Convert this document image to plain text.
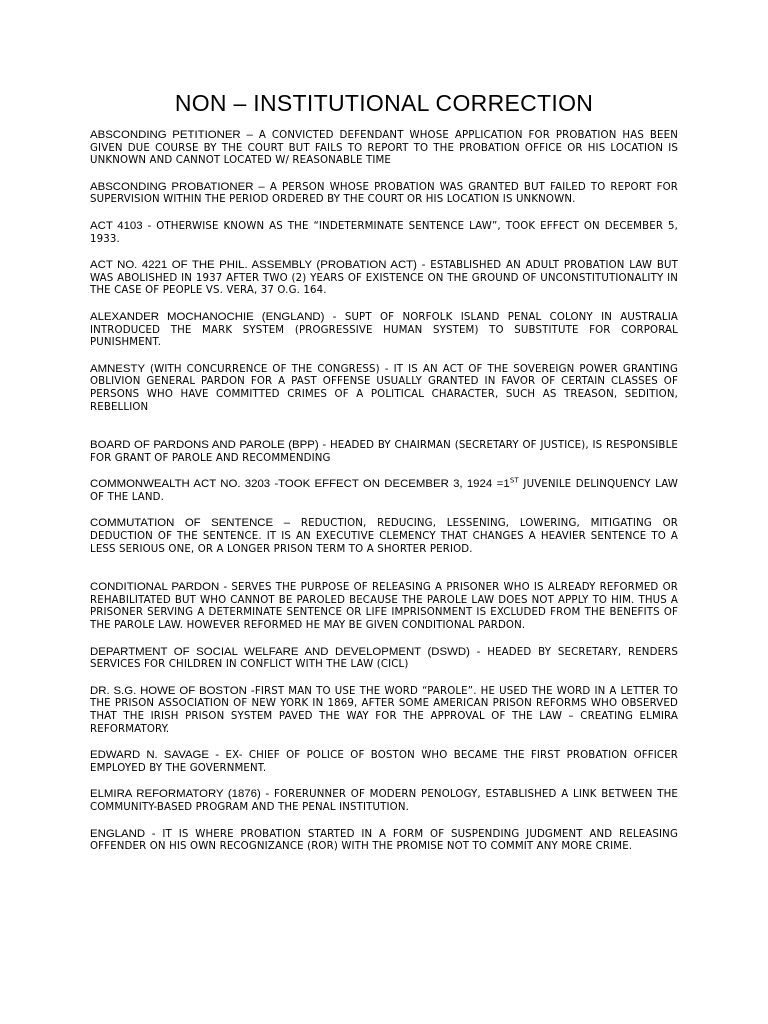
NON – INSTITUTIONAL CORRECTION

ABSCONDING PETITIONER – A CONVICTED DEFENDANT WHOSE APPLICATION FOR PROBATION HAS BEEN GIVEN DUE COURSE BY THE COURT BUT FAILS TO REPORT TO THE PROBATION OFFICE OR HIS LOCATION IS UNKNOWN AND CANNOT LOCATED W/ REASONABLE TIME

ABSCONDING PROBATIONER – A PERSON WHOSE PROBATION WAS GRANTED BUT FAILED TO REPORT FOR SUPERVISION WITHIN THE PERIOD ORDERED BY THE COURT OR HIS LOCATION IS UNKNOWN.

ACT 4103 - OTHERWISE KNOWN AS THE “INDETERMINATE SENTENCE LAW”, TOOK EFFECT ON DECEMBER 5, 1933.

ACT NO. 4221 OF THE PHIL. ASSEMBLY (PROBATION ACT) - ESTABLISHED AN ADULT PROBATION LAW BUT WAS ABOLISHED IN 1937 AFTER TWO (2) YEARS OF EXISTENCE ON THE GROUND OF UNCONSTITUTIONALITY IN THE CASE OF PEOPLE VS. VERA, 37 O.G. 164.

ALEXANDER MOCHANOCHIE (ENGLAND) - SUPT OF NORFOLK ISLAND PENAL COLONY IN AUSTRALIA INTRODUCED THE MARK SYSTEM (PROGRESSIVE HUMAN SYSTEM) TO SUBSTITUTE FOR CORPORAL PUNISHMENT.

AMNESTY (WITH CONCURRENCE OF THE CONGRESS) - IT IS AN ACT OF THE SOVEREIGN POWER GRANTING OBLIVION GENERAL PARDON FOR A PAST OFFENSE USUALLY GRANTED IN FAVOR OF CERTAIN CLASSES OF PERSONS WHO HAVE COMMITTED CRIMES OF A POLITICAL CHARACTER, SUCH AS TREASON, SEDITION, REBELLION

BOARD OF PARDONS AND PAROLE (BPP) - HEADED BY CHAIRMAN (SECRETARY OF JUSTICE), IS RESPONSIBLE FOR GRANT OF PAROLE AND RECOMMENDING

COMMONWEALTH ACT NO. 3203 -TOOK EFFECT ON DECEMBER 3, 1924 =1ST JUVENILE DELINQUENCY LAW OF THE LAND.

COMMUTATION OF SENTENCE – REDUCTION, REDUCING, LESSENING, LOWERING, MITIGATING OR DEDUCTION OF THE SENTENCE. IT IS AN EXECUTIVE CLEMENCY THAT CHANGES A HEAVIER SENTENCE TO A LESS SERIOUS ONE, OR A LONGER PRISON TERM TO A SHORTER PERIOD.

CONDITIONAL PARDON - SERVES THE PURPOSE OF RELEASING A PRISONER WHO IS ALREADY REFORMED OR REHABILITATED BUT WHO CANNOT BE PAROLED BECAUSE THE PAROLE LAW DOES NOT APPLY TO HIM. THUS A PRISONER SERVING A DETERMINATE SENTENCE OR LIFE IMPRISONMENT IS EXCLUDED FROM THE BENEFITS OF THE PAROLE LAW. HOWEVER REFORMED HE MAY BE GIVEN CONDITIONAL PARDON.

DEPARTMENT OF SOCIAL WELFARE AND DEVELOPMENT (DSWD) - HEADED BY SECRETARY, RENDERS SERVICES FOR CHILDREN IN CONFLICT WITH THE LAW (CICL)

DR. S.G. HOWE OF BOSTON -FIRST MAN TO USE THE WORD “PAROLE”. HE USED THE WORD IN A LETTER TO THE PRISON ASSOCIATION OF NEW YORK IN 1869, AFTER SOME AMERICAN PRISON REFORMS WHO OBSERVED THAT THE IRISH PRISON SYSTEM PAVED THE WAY FOR THE APPROVAL OF THE LAW – CREATING ELMIRA REFORMATORY.

EDWARD N. SAVAGE - EX- CHIEF OF POLICE OF BOSTON WHO BECAME THE FIRST PROBATION OFFICER EMPLOYED BY THE GOVERNMENT.

ELMIRA REFORMATORY (1876) - FORERUNNER OF MODERN PENOLOGY, ESTABLISHED A LINK BETWEEN THE COMMUNITY-BASED PROGRAM AND THE PENAL INSTITUTION.

ENGLAND - IT IS WHERE PROBATION STARTED IN A FORM OF SUSPENDING JUDGMENT AND RELEASING OFFENDER ON HIS OWN RECOGNIZANCE (ROR) WITH THE PROMISE NOT TO COMMIT ANY MORE CRIME.
